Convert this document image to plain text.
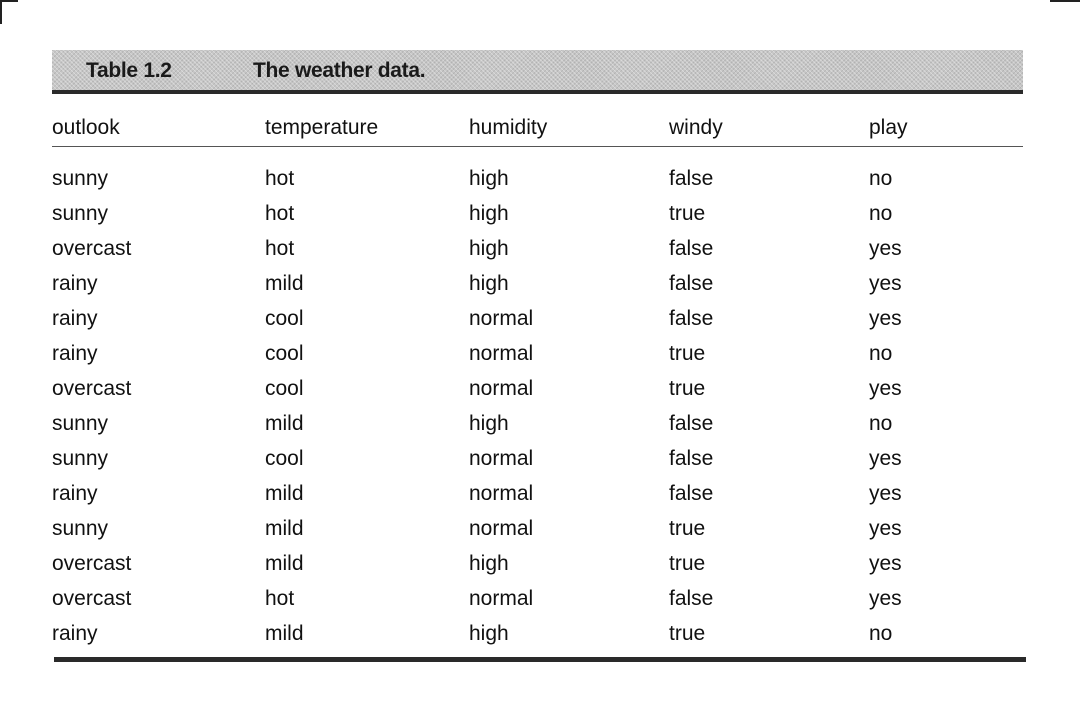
Table 1.2	The weather data.
outlook	temperature	humidity	windy	play
sunny	hot	high	false	no
sunny	hot	high	true	no
overcast	hot	high	false	yes
rainy	mild	high	false	yes
rainy	cool	normal	false	yes
rainy	cool	normal	true	no
overcast	cool	normal	true	yes
sunny	mild	high	false	no
sunny	cool	normal	false	yes
rainy	mild	normal	false	yes
sunny	mild	normal	true	yes
overcast	mild	high	true	yes
overcast	hot	normal	false	yes
rainy	mild	high	true	no
